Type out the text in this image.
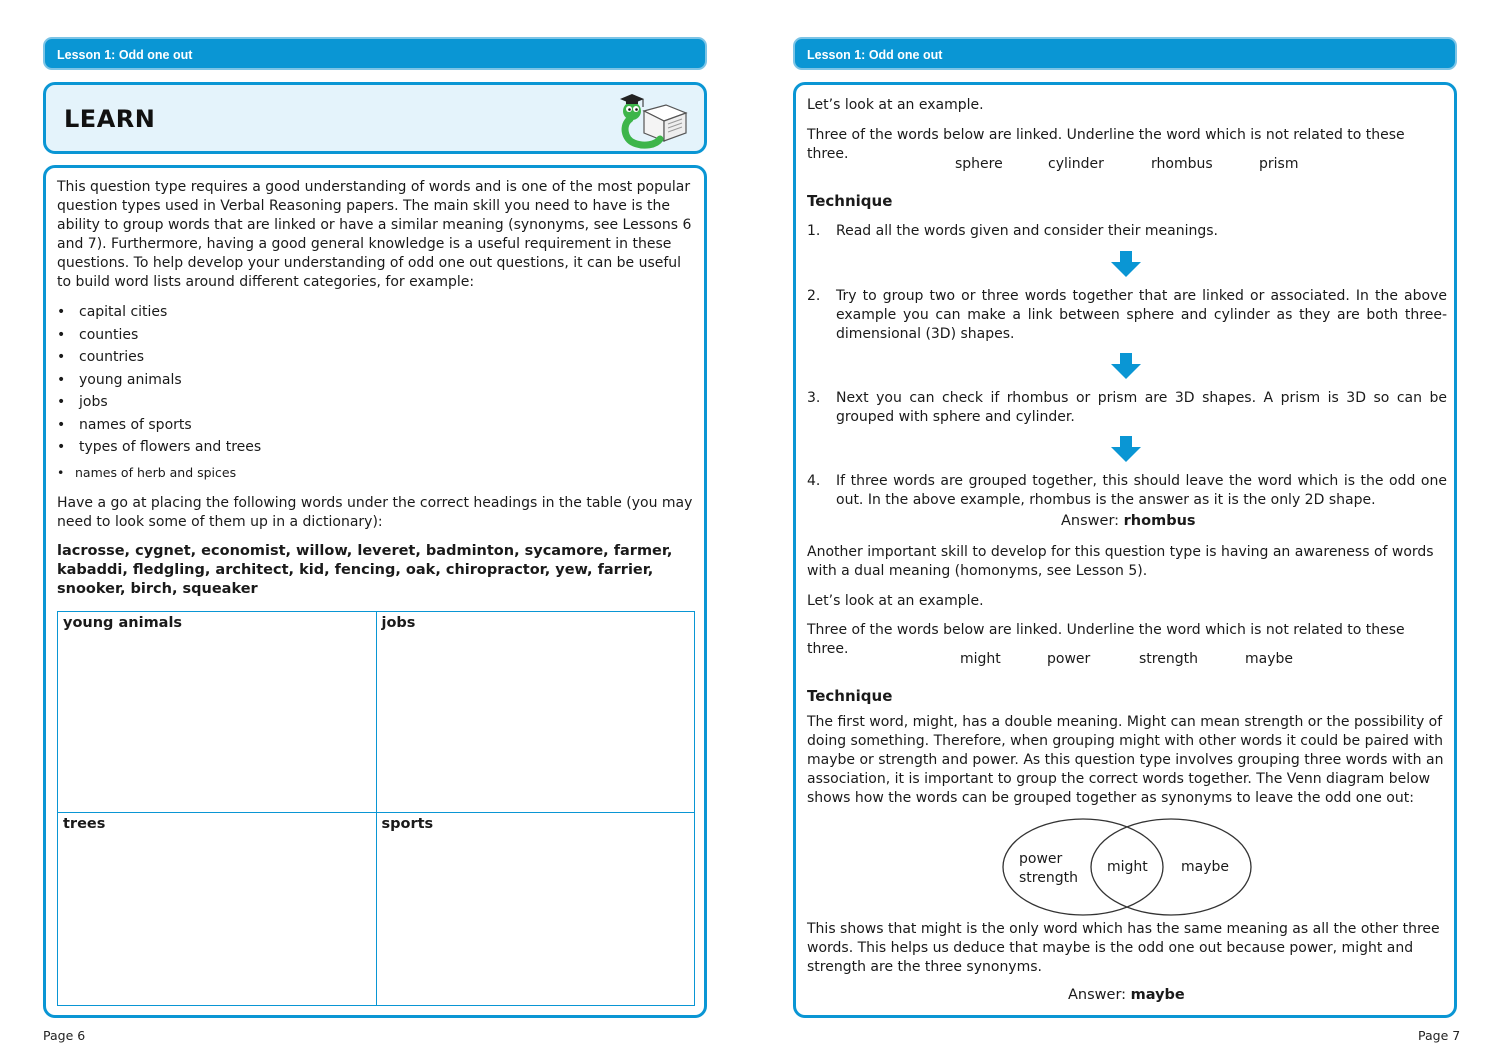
Lesson 1: Odd one out
LEARN

This question type requires a good understanding of words and is one of the most popular question types used in Verbal Reasoning papers. The main skill you need to have is the ability to group words that are linked or have a similar meaning (synonyms, see Lessons 6 and 7). Furthermore, having a good general knowledge is a useful requirement in these questions. To help develop your understanding of odd one out questions, it can be useful to build word lists around different categories, for example:

• capital cities
• counties
• countries
• young animals
• jobs
• names of sports
• types of flowers and trees
• names of herb and spices

Have a go at placing the following words under the correct headings in the table (you may need to look some of them up in a dictionary):

lacrosse, cygnet, economist, willow, leveret, badminton, sycamore, farmer, kabaddi, fledgling, architect, kid, fencing, oak, chiropractor, yew, farrier, snooker, birch, squeaker

young animals	jobs
trees	sports
Page 6
Lesson 1: Odd one out

Let’s look at an example.

Three of the words below are linked. Underline the word which is not related to these three.

sphere	cylinder	rhombus	prism
Technique
1. Read all the words given and consider their meanings.

2. Try to group two or three words together that are linked or associated. In the above example you can make a link between sphere and cylinder as they are both three-dimensional (3D) shapes.

3. Next you can check if rhombus or prism are 3D shapes. A prism is 3D so can be grouped with sphere and cylinder.

4. If three words are grouped together, this should leave the word which is the odd one out. In the above example, rhombus is the answer as it is the only 2D shape.

Answer: rhombus

Another important skill to develop for this question type is having an awareness of words with a dual meaning (homonyms, see Lesson 5).

Let’s look at an example.

Three of the words below are linked. Underline the word which is not related to these three.

might	power	strength	maybe
Technique

The first word, might, has a double meaning. Might can mean strength or the possibility of doing something. Therefore, when grouping might with other words it could be paired with maybe or strength and power. As this question type involves grouping three words with an association, it is important to group the correct words together. The Venn diagram below shows how the words can be grouped together as synonyms to leave the odd one out:

power
strength
might maybe

This shows that might is the only word which has the same meaning as all the other three words. This helps us deduce that maybe is the odd one out because power, might and strength are the three synonyms.

Answer: maybe
Page 7
